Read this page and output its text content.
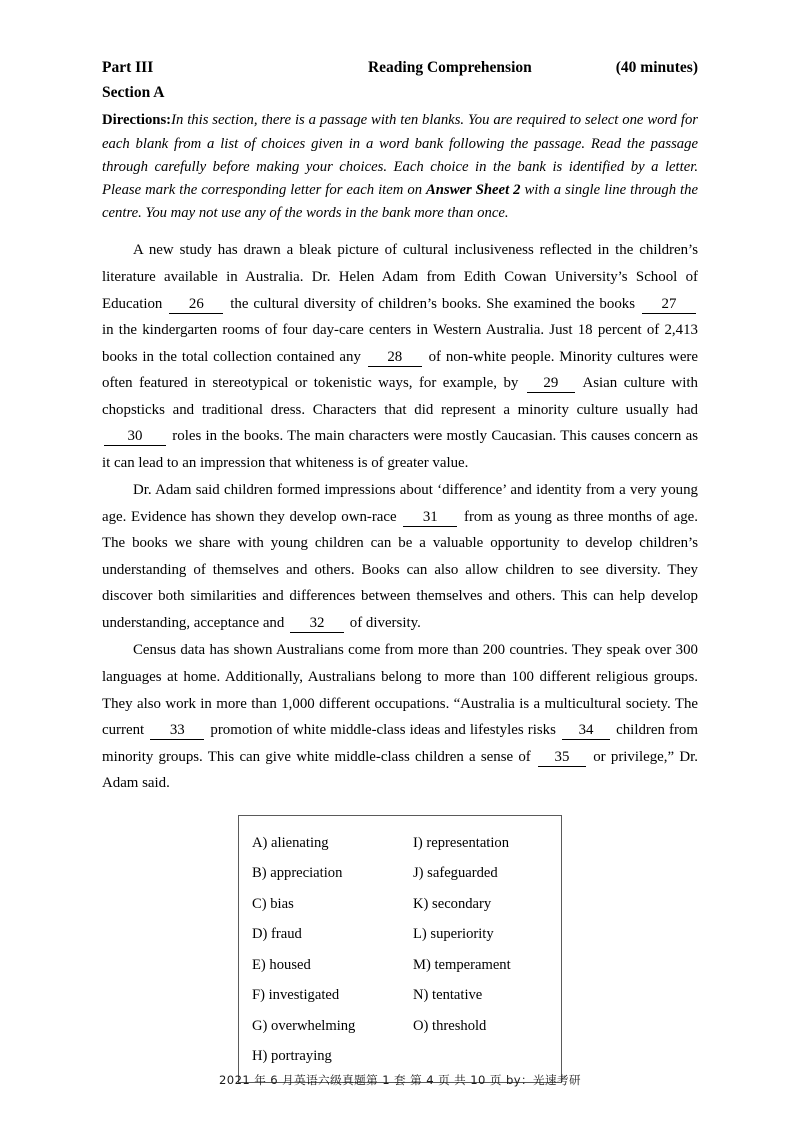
Part III	Reading Comprehension	(40 minutes)
Section A
Directions:In this section, there is a passage with ten blanks. You are required to select one word for each blank from a list of choices given in a word bank following the passage. Read the passage through carefully before making your choices. Each choice in the bank is identified by a letter. Please mark the corresponding letter for each item on Answer Sheet 2 with a single line through the centre. You may not use any of the words in the bank more than once.

A new study has drawn a bleak picture of cultural inclusiveness reflected in the children’s literature available in Australia. Dr. Helen Adam from Edith Cowan University’s School of Education 26 the cultural diversity of children’s books. She examined the books 27 in the kindergarten rooms of four day-care centers in Western Australia. Just 18 percent of 2,413 books in the total collection contained any 28 of non-white people. Minority cultures were often featured in stereotypical or tokenistic ways, for example, by 29 Asian culture with chopsticks and traditional dress. Characters that did represent a minority culture usually had 30 roles in the books. The main characters were mostly Caucasian. This causes concern as it can lead to an impression that whiteness is of greater value.

Dr. Adam said children formed impressions about ‘difference’ and identity from a very young age. Evidence has shown they develop own-race 31 from as young as three months of age. The books we share with young children can be a valuable opportunity to develop children’s understanding of themselves and others. Books can also allow children to see diversity. They discover both similarities and differences between themselves and others. This can help develop understanding, acceptance and 32 of diversity.

Census data has shown Australians come from more than 200 countries. They speak over 300 languages at home. Additionally, Australians belong to more than 100 different religious groups. They also work in more than 1,000 different occupations. “Australia is a multicultural society. The current 33 promotion of white middle-class ideas and lifestyles risks 34 children from minority groups. This can give white middle-class children a sense of 35 or privilege,” Dr. Adam said.

A) alienating
B) appreciation
C) bias
D) fraud
E) housed
F) investigated
G) overwhelming
H) portraying
I) representation
J) safeguarded
K) secondary
L) superiority
M) temperament
N) tentative
O) threshold
2021 年 6 月英语六级真题第 1 套 第 4 页 共 10 页 by：光速考研
